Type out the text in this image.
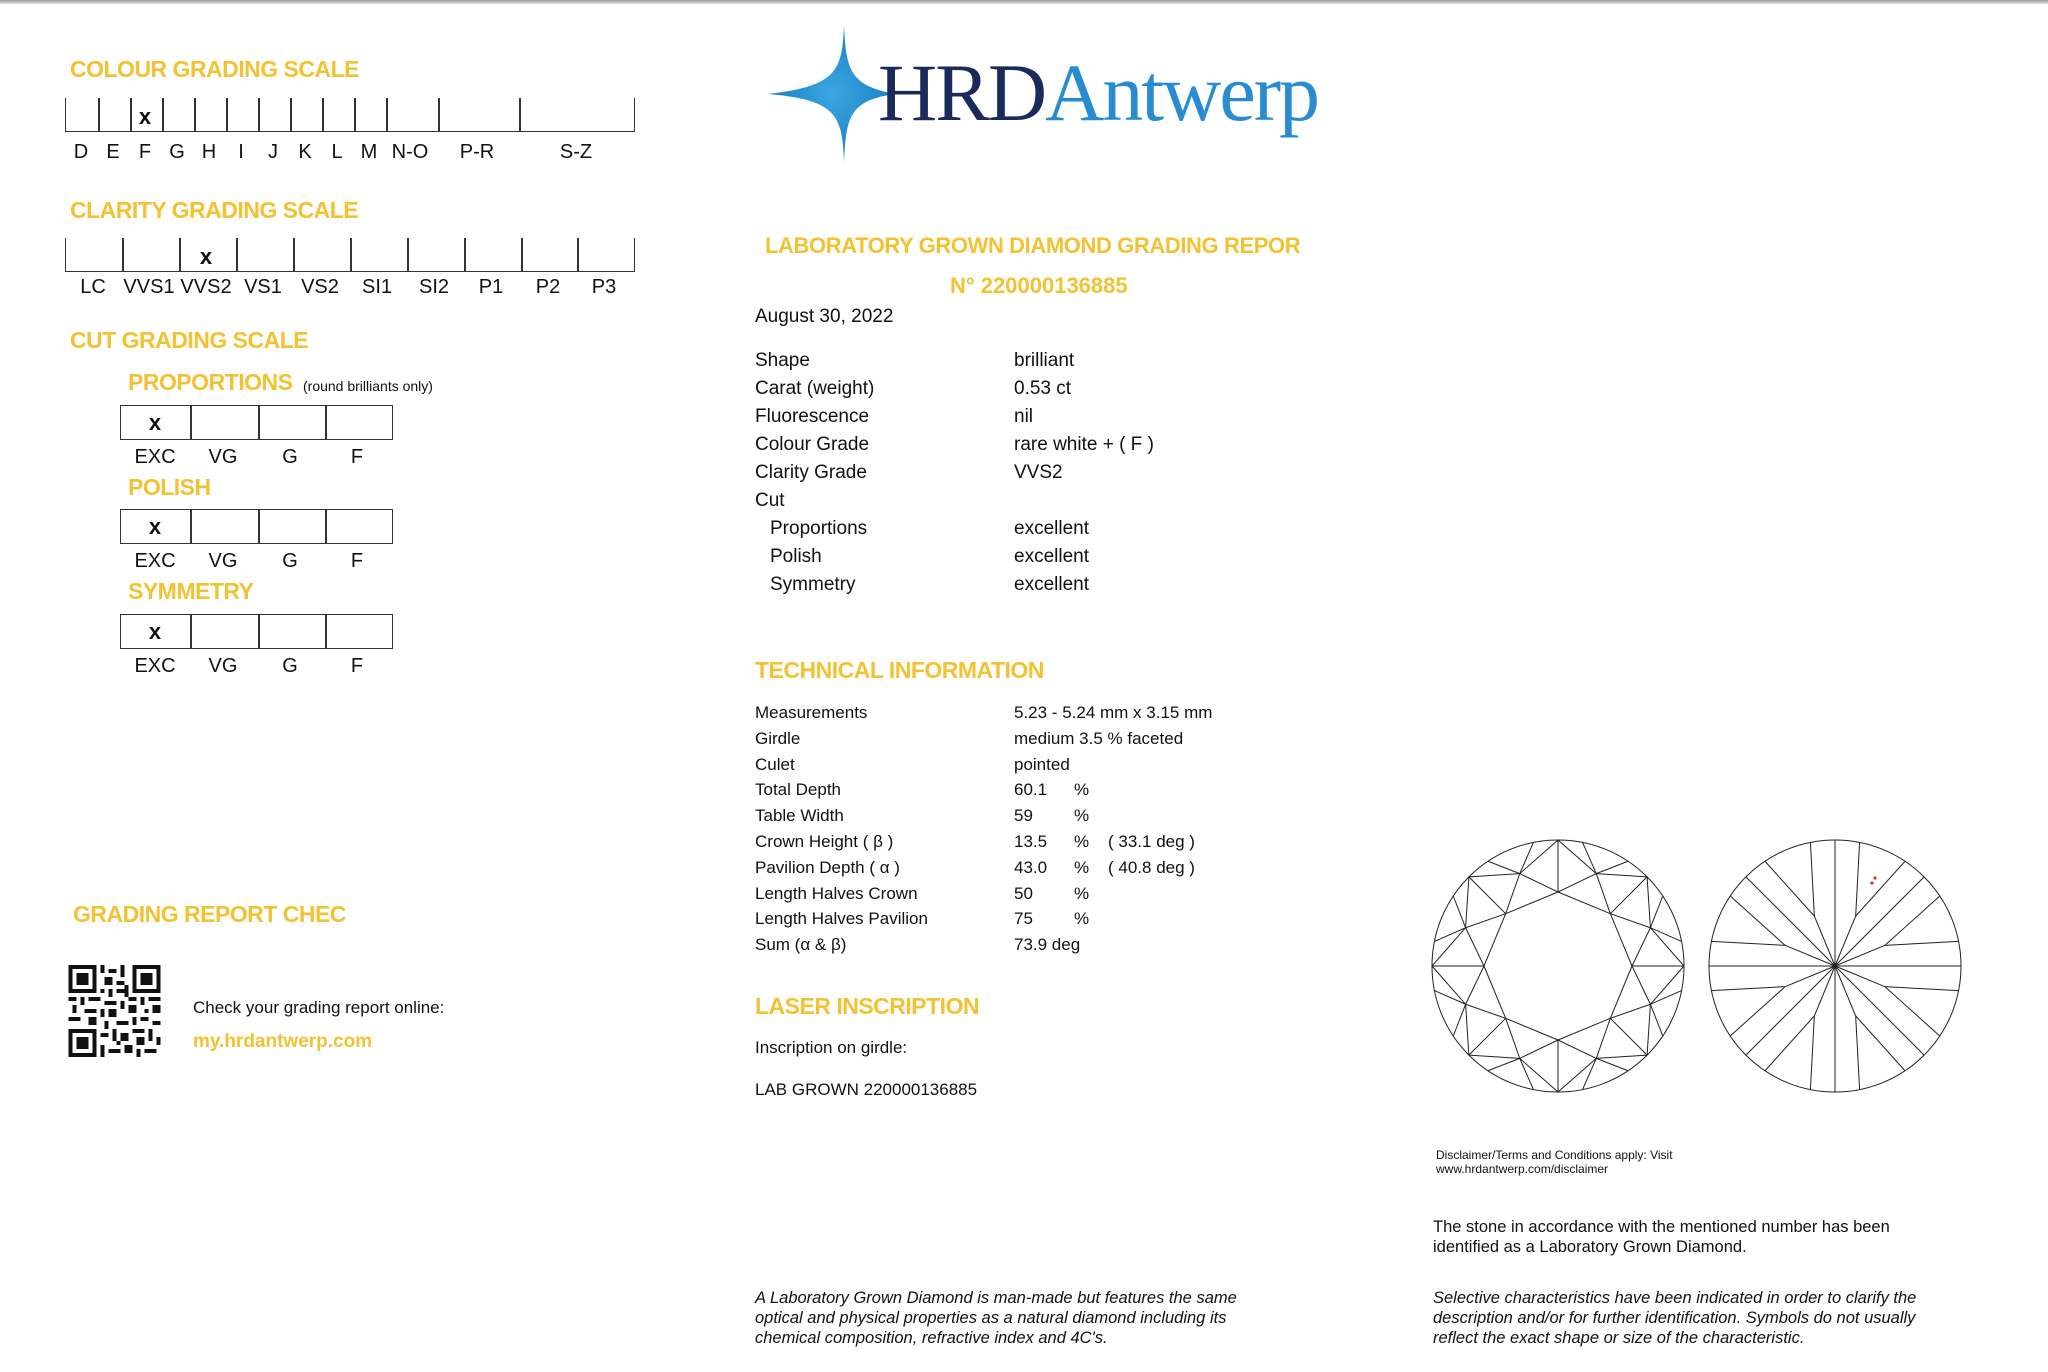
COLOUR GRADING SCALE
CLARITY GRADING SCALE
CUT GRADING SCALE
PROPORTIONS (round brilliants only)
POLISH
SYMMETRY
GRADING REPORT CHEC
Check your grading report online:
my.hrdantwerp.com
HRDAntwerp
LABORATORY GROWN DIAMOND GRADING REPOR
N° 220000136885
August 30, 2022
TECHNICAL INFORMATION
LASER INSCRIPTION
Inscription on girdle:
LAB GROWN 220000136885
Disclaimer/Terms and Conditions apply: Visit
www.hrdantwerp.com/disclaimer
The stone in accordance with the mentioned number has been
identified as a Laboratory Grown Diamond.
A Laboratory Grown Diamond is man-made but features the same
optical and physical properties as a natural diamond including its
chemical composition, refractive index and 4C's.
Selective characteristics have been indicated in order to clarify the
description and/or for further identification. Symbols do not usually
reflect the exact shape or size of the characteristic.
D E F
x
G H I J K L M N-O P-R	S-Z
LC VVS1 VVS2
x
VS1 VS2 SI1 SI2 P1 P2 P3
EXC
x
VG G	F
EXC
x
VG G	F
EXC
x
VG G	F
Shape	brilliant
Carat (weight)	0.53 ct
Fluorescence	nil
Colour Grade	rare white + ( F )
Clarity Grade	VVS2
Cut
Proportions	excellent
Polish	excellent
Symmetry	excellent
Measurements	5.23 - 5.24 mm x 3.15 mm
Girdle	medium 3.5 % faceted
Culet	pointed
Total Depth	60.1 %
Table Width	59 %
Crown Height ( β )	13.5 % ( 33.1 deg )
Pavilion Depth ( α )	43.0 % ( 40.8 deg )
Length Halves Crown	50 %
Length Halves Pavilion	75 %
Sum (α & β)	73.9 deg
